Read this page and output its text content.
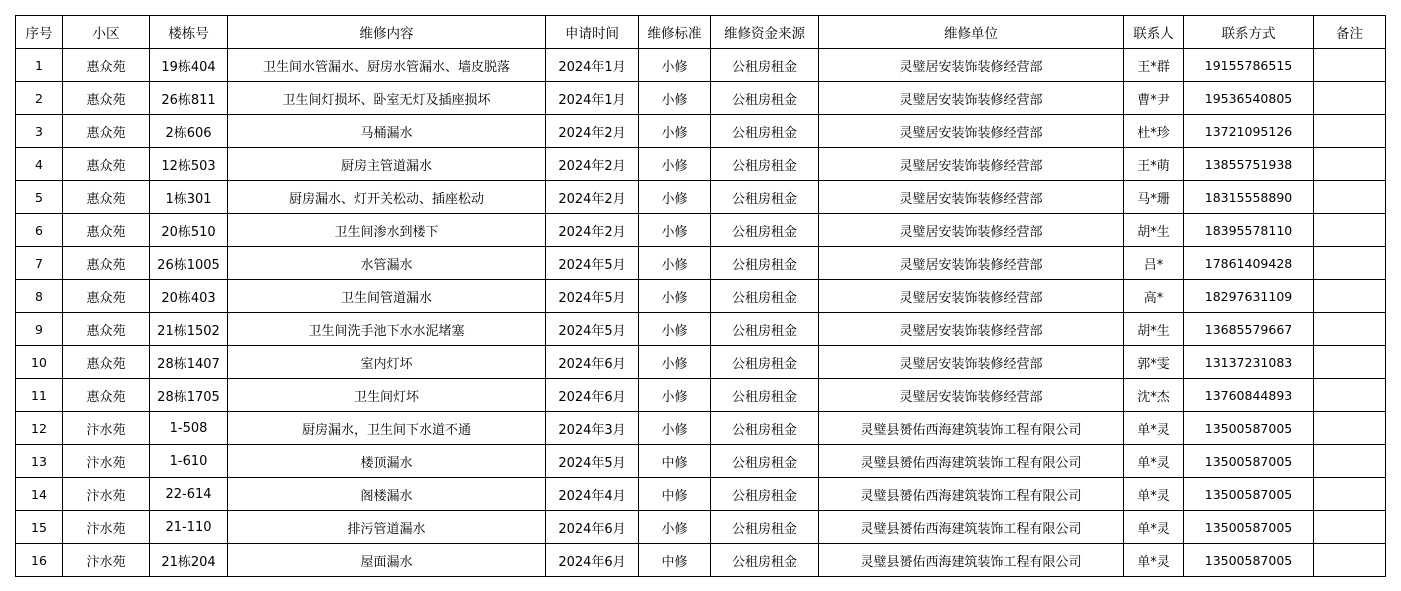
序号	小区	楼栋号	维修内容	申请时间	维修标准	维修资金来源	维修单位	联系人	联系方式	备注
1	惠众苑	19栋404	卫生间水管漏水、厨房水管漏水、墙皮脱落	2024年1月	小修	公租房租金	灵璧居安装饰装修经营部	王*群	19155786515	
2	惠众苑	26栋811	卫生间灯损坏、卧室无灯及插座损坏	2024年1月	小修	公租房租金	灵璧居安装饰装修经营部	曹*尹	19536540805	
3	惠众苑	2栋606	马桶漏水	2024年2月	小修	公租房租金	灵璧居安装饰装修经营部	杜*珍	13721095126	
4	惠众苑	12栋503	厨房主管道漏水	2024年2月	小修	公租房租金	灵璧居安装饰装修经营部	王*萌	13855751938	
5	惠众苑	1栋301	厨房漏水、灯开关松动、插座松动	2024年2月	小修	公租房租金	灵璧居安装饰装修经营部	马*珊	18315558890	
6	惠众苑	20栋510	卫生间渗水到楼下	2024年2月	小修	公租房租金	灵璧居安装饰装修经营部	胡*生	18395578110	
7	惠众苑	26栋1005	水管漏水	2024年5月	小修	公租房租金	灵璧居安装饰装修经营部	吕*	17861409428	
8	惠众苑	20栋403	卫生间管道漏水	2024年5月	小修	公租房租金	灵璧居安装饰装修经营部	高*	18297631109	
9	惠众苑	21栋1502	卫生间洗手池下水水泥堵塞	2024年5月	小修	公租房租金	灵璧居安装饰装修经营部	胡*生	13685579667	
10	惠众苑	28栋1407	室内灯坏	2024年6月	小修	公租房租金	灵璧居安装饰装修经营部	郭*雯	13137231083	
11	惠众苑	28栋1705	卫生间灯坏	2024年6月	小修	公租房租金	灵璧居安装饰装修经营部	沈*杰	13760844893	
12	汴水苑	1-508	厨房漏水，卫生间下水道不通	2024年3月	小修	公租房租金	灵璧县赟佑西海建筑装饰工程有限公司	单*灵	13500587005	
13	汴水苑	1-610	楼顶漏水	2024年5月	中修	公租房租金	灵璧县赟佑西海建筑装饰工程有限公司	单*灵	13500587005	
14	汴水苑	22-614	阁楼漏水	2024年4月	中修	公租房租金	灵璧县赟佑西海建筑装饰工程有限公司	单*灵	13500587005	
15	汴水苑	21-110	排污管道漏水	2024年6月	小修	公租房租金	灵璧县赟佑西海建筑装饰工程有限公司	单*灵	13500587005	
16	汴水苑	21栋204	屋面漏水	2024年6月	中修	公租房租金	灵璧县赟佑西海建筑装饰工程有限公司	单*灵	13500587005	
